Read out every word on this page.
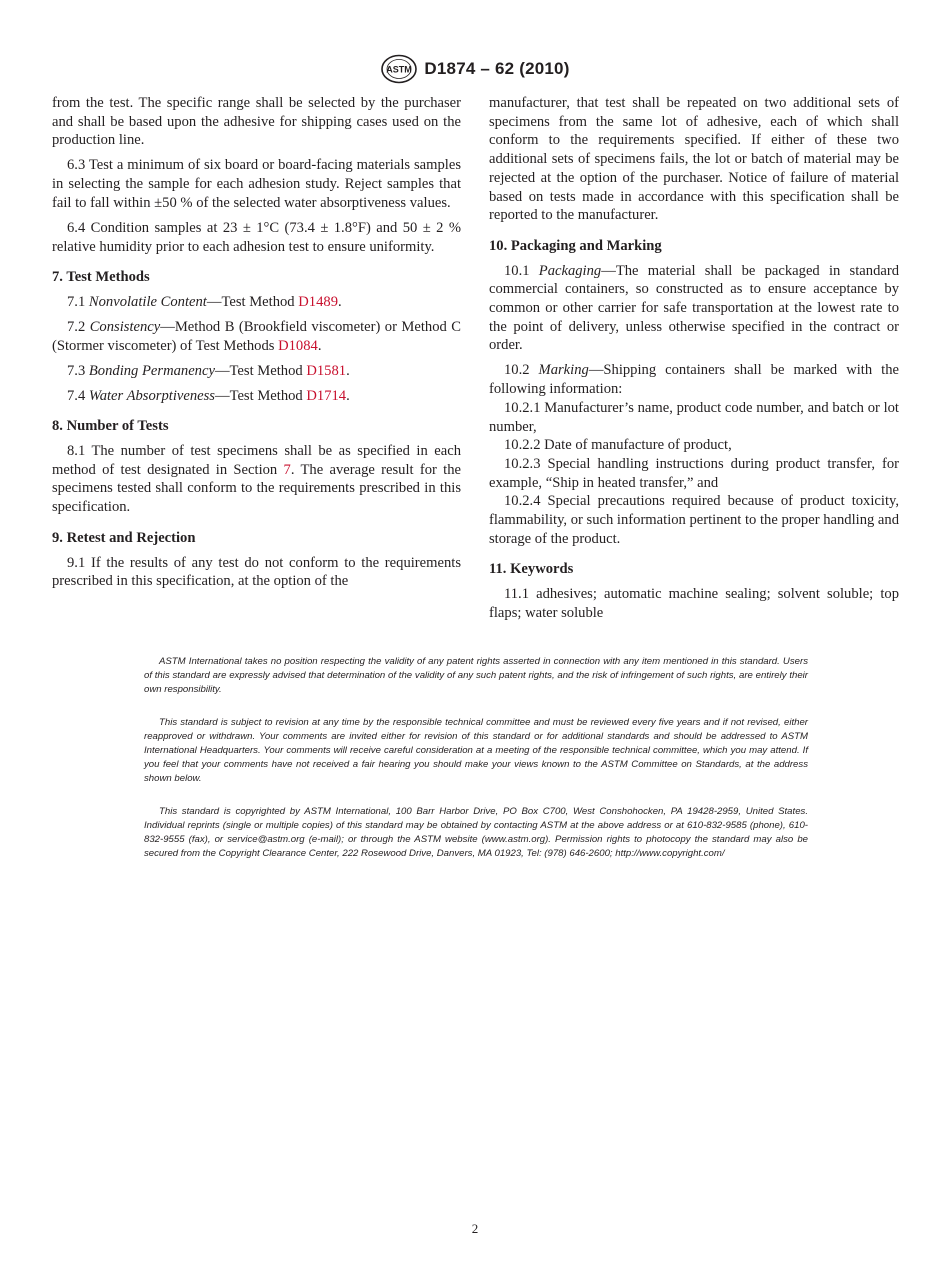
ASTM D1874 – 62 (2010)

from the test. The specific range shall be selected by the purchaser and shall be based upon the adhesive for shipping cases used on the production line.

6.3 Test a minimum of six board or board-facing materials samples in selecting the sample for each adhesion study. Reject samples that fail to fall within ±50 % of the selected water absorptiveness values.

6.4 Condition samples at 23 ± 1°C (73.4 ± 1.8°F) and 50 ± 2 % relative humidity prior to each adhesion test to ensure uniformity.

7. Test Methods

7.1 Nonvolatile Content—Test Method D1489.

7.2 Consistency—Method B (Brookfield viscometer) or Method C (Stormer viscometer) of Test Methods D1084.

7.3 Bonding Permanency—Test Method D1581.

7.4 Water Absorptiveness—Test Method D1714.

8. Number of Tests

8.1 The number of test specimens shall be as specified in each method of test designated in Section 7. The average result for the specimens tested shall conform to the requirements prescribed in this specification.

9. Retest and Rejection

9.1 If the results of any test do not conform to the requirements prescribed in this specification, at the option of the

manufacturer, that test shall be repeated on two additional sets of specimens from the same lot of adhesive, each of which shall conform to the requirements specified. If either of these two additional sets of specimens fails, the lot or batch of material may be rejected at the option of the purchaser. Notice of failure of material based on tests made in accordance with this specification shall be reported to the manufacturer.

10. Packaging and Marking

10.1 Packaging—The material shall be packaged in standard commercial containers, so constructed as to ensure acceptance by common or other carrier for safe transportation at the lowest rate to the point of delivery, unless otherwise specified in the contract or order.

10.2 Marking—Shipping containers shall be marked with the following information:

10.2.1 Manufacturer’s name, product code number, and batch or lot number,

10.2.2 Date of manufacture of product,

10.2.3 Special handling instructions during product transfer, for example, “Ship in heated transfer,” and

10.2.4 Special precautions required because of product toxicity, flammability, or such information pertinent to the proper handling and storage of the product.

11. Keywords

11.1 adhesives; automatic machine sealing; solvent soluble; top flaps; water soluble

ASTM International takes no position respecting the validity of any patent rights asserted in connection with any item mentioned in this standard. Users of this standard are expressly advised that determination of the validity of any such patent rights, and the risk of infringement of such rights, are entirely their own responsibility.
This standard is subject to revision at any time by the responsible technical committee and must be reviewed every five years and if not revised, either reapproved or withdrawn. Your comments are invited either for revision of this standard or for additional standards and should be addressed to ASTM International Headquarters. Your comments will receive careful consideration at a meeting of the responsible technical committee, which you may attend. If you feel that your comments have not received a fair hearing you should make your views known to the ASTM Committee on Standards, at the address shown below.
This standard is copyrighted by ASTM International, 100 Barr Harbor Drive, PO Box C700, West Conshohocken, PA 19428-2959, United States. Individual reprints (single or multiple copies) of this standard may be obtained by contacting ASTM at the above address or at 610-832-9585 (phone), 610-832-9555 (fax), or service@astm.org (e-mail); or through the ASTM website (www.astm.org). Permission rights to photocopy the standard may also be secured from the Copyright Clearance Center, 222 Rosewood Drive, Danvers, MA 01923, Tel: (978) 646-2600; http://www.copyright.com/
2
